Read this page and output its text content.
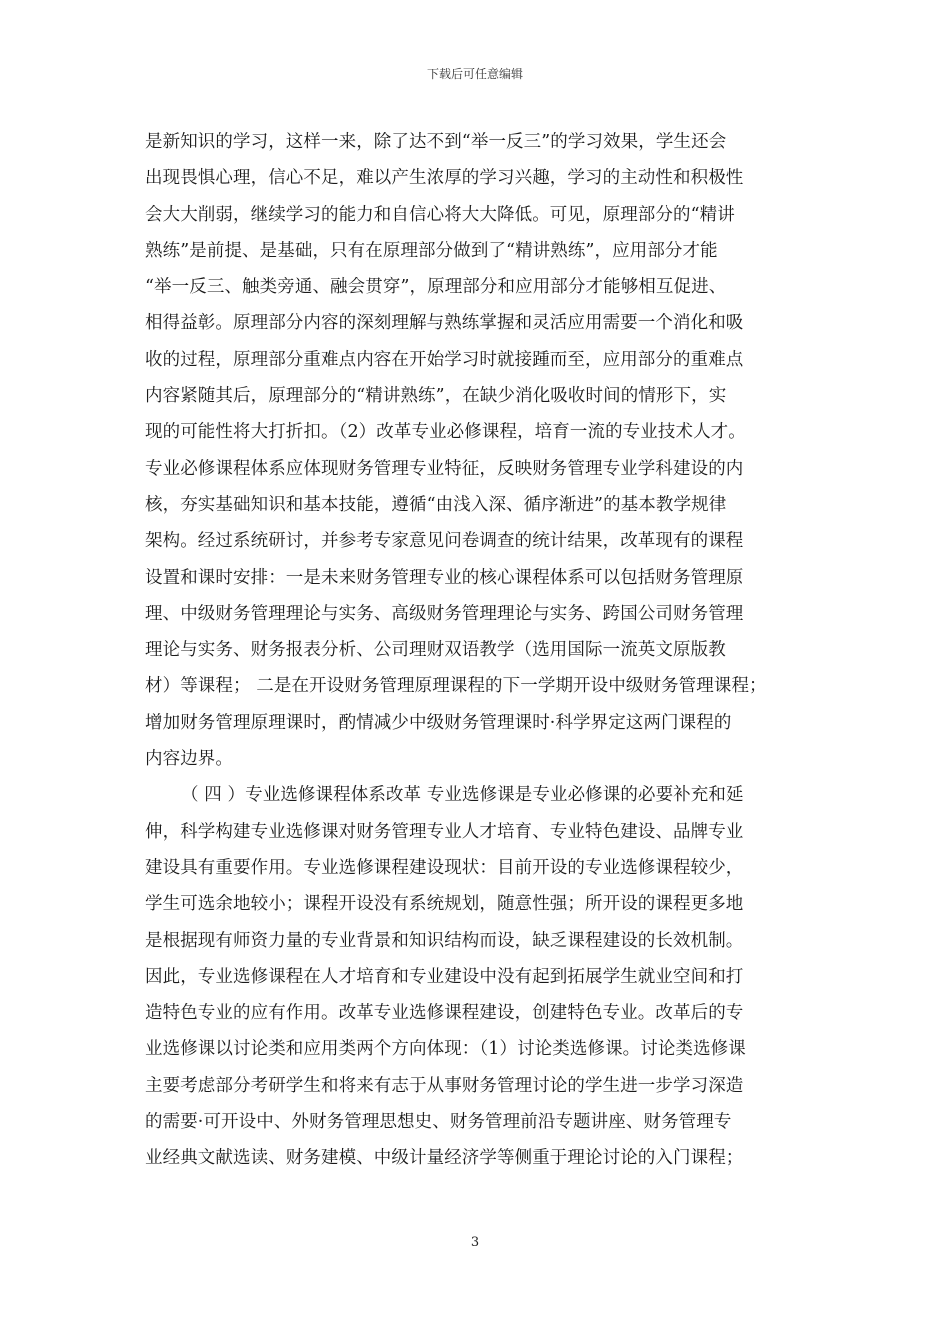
下载后可任意编辑
是新知识的学习，这样一来，除了达不到“举一反三”的学习效果，学生还会
出现畏惧心理，信心不足，难以产生浓厚的学习兴趣，学习的主动性和积极性
会大大削弱，继续学习的能力和自信心将大大降低。可见，原理部分的“精讲
熟练”是前提、是基础，只有在原理部分做到了“精讲熟练”，应用部分才能
“举一反三、触类旁通、融会贯穿”，原理部分和应用部分才能够相互促进、
相得益彰。原理部分内容的深刻理解与熟练掌握和灵活应用需要一个消化和吸
收的过程，原理部分重难点内容在开始学习时就接踵而至，应用部分的重难点
内容紧随其后，原理部分的“精讲熟练”，在缺少消化吸收时间的情形下，实
现的可能性将大打折扣。（2）改革专业必修课程，培育一流的专业技术人才。
专业必修课程体系应体现财务管理专业特征，反映财务管理专业学科建设的内
核，夯实基础知识和基本技能，遵循“由浅入深、循序渐进”的基本教学规律
架构。经过系统研讨，并参考专家意见问卷调查的统计结果，改革现有的课程
设置和课时安排：一是未来财务管理专业的核心课程体系可以包括财务管理原
理、中级财务管理理论与实务、高级财务管理理论与实务、跨国公司财务管理
理论与实务、财务报表分析、公司理财双语教学（选用国际一流英文原版教
材）等课程； 二是在开设财务管理原理课程的下一学期开设中级财务管理课程；
增加财务管理原理课时，酌情减少中级财务管理课时·科学界定这两门课程的
内容边界。
（ 四 ）专业选修课程体系改革 专业选修课是专业必修课的必要补充和延
伸，科学构建专业选修课对财务管理专业人才培育、专业特色建设、品牌专业
建设具有重要作用。专业选修课程建设现状：目前开设的专业选修课程较少，
学生可选余地较小；课程开设没有系统规划，随意性强；所开设的课程更多地
是根据现有师资力量的专业背景和知识结构而设，缺乏课程建设的长效机制。
因此，专业选修课程在人才培育和专业建设中没有起到拓展学生就业空间和打
造特色专业的应有作用。改革专业选修课程建设，创建特色专业。改革后的专
业选修课以讨论类和应用类两个方向体现：（1）讨论类选修课。讨论类选修课
主要考虑部分考研学生和将来有志于从事财务管理讨论的学生进一步学习深造
的需要·可开设中、外财务管理思想史、财务管理前沿专题讲座、财务管理专
业经典文献选读、财务建模、中级计量经济学等侧重于理论讨论的入门课程；
3
